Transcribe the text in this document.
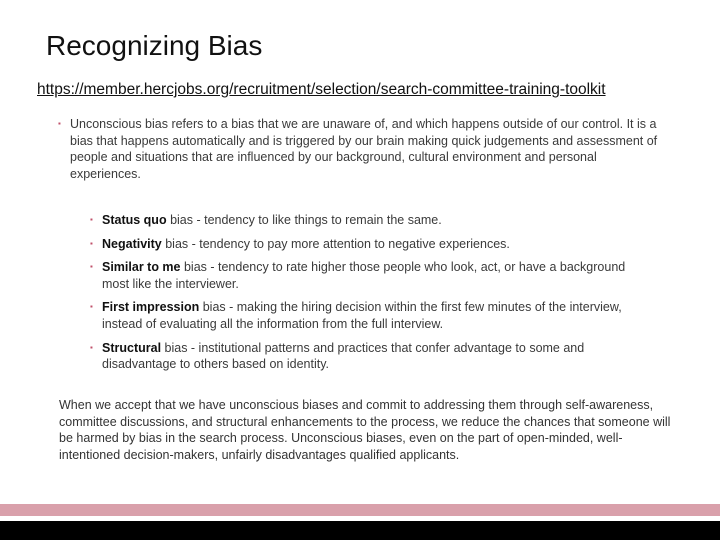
Recognizing Bias
https://member.hercjobs.org/recruitment/selection/search-committee-training-toolkit
▪ Unconscious bias refers to a bias that we are unaware of, and which happens outside of our control. It is a bias that happens automatically and is triggered by our brain making quick judgements and assessment of people and situations that are influenced by our background, cultural environment and personal experiences.
▪ Status quo bias - tendency to like things to remain the same.
▪ Negativity bias - tendency to pay more attention to negative experiences.
▪ Similar to me bias - tendency to rate higher those people who look, act, or have a background most like the interviewer.
▪ First impression bias - making the hiring decision within the first few minutes of the interview, instead of evaluating all the information from the full interview.
▪ Structural bias - institutional patterns and practices that confer advantage to some and disadvantage to others based on identity.
When we accept that we have unconscious biases and commit to addressing them through self-awareness, committee discussions, and structural enhancements to the process, we reduce the chances that someone will be harmed by bias in the search process. Unconscious biases, even on the part of open-minded, well-intentioned decision-makers, unfairly disadvantages qualified applicants.
